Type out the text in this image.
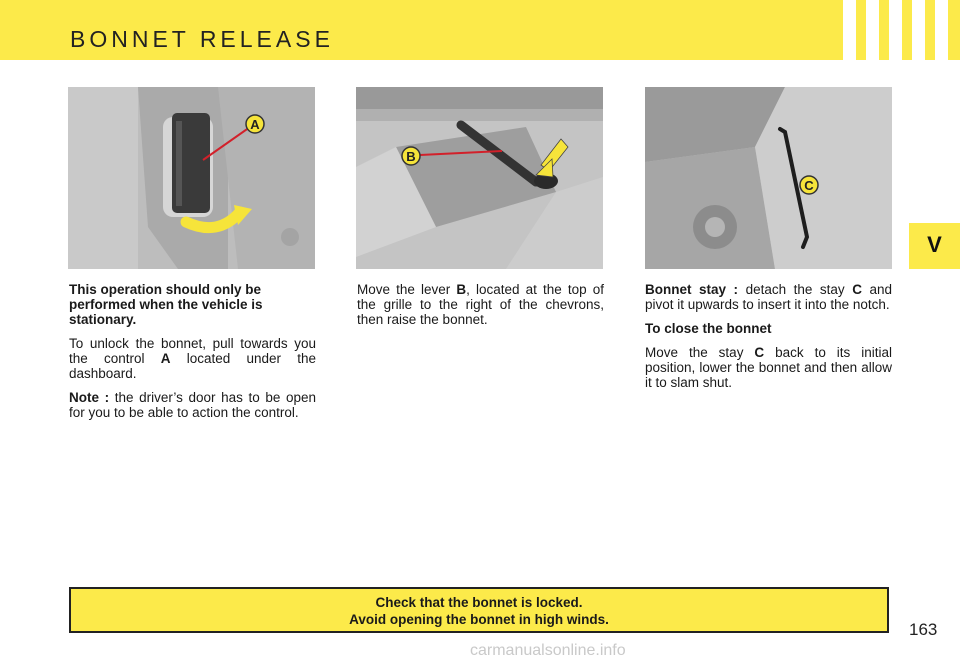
BONNET RELEASE
V
A
B
C

This operation should only be performed when the vehicle is stationary.

To unlock the bonnet, pull towards you the control A located under the dashboard.

Note : the driver’s door has to be open for you to be able to action the control.

Move the lever B, located at the top of the grille to the right of the chevrons, then raise the bonnet.

Bonnet stay : detach the stay C and pivot it upwards to insert it into the notch.

To close the bonnet

Move the stay C back to its initial position, lower the bonnet and then allow it to slam shut.

Check that the bonnet is locked.
Avoid opening the bonnet in high winds.
163
carmanualsonline.info
